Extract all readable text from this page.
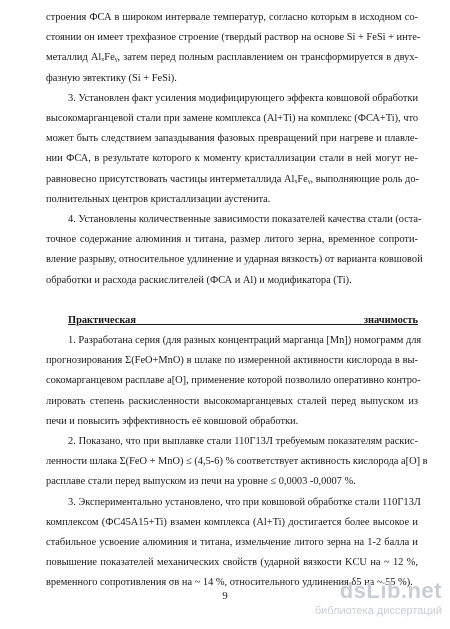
строения ФСА в широком интервале температур, согласно которым в исходном со-
стоянии он имеет трехфазное строение (твердый раствор на основе Si + FeSi + интe-
металлид AlₓFeᵧ, затем перед полным расплавлением он трансформируется в двух-
фазную эвтектику (Si + FeSi).
3. Установлен факт усиления модифицирующего эффекта ковшовой обработки
высокомарганцевой стали при замене комплекса (Al+Ti) на комплекс (ФСА+Ti), что
может быть следствием запаздывания фазовых превращений при нагреве и плавле-
нии ФСА, в результате которого к моменту кристаллизации стали в ней могут не-
равновесно присутствовать частицы интерметаллида AlₓFeᵧ, выполняющие роль до-
полнительных центров кристаллизации аустенита.
4. Установлены количественные зависимости показателей качества стали (остa-
точное содержание алюминия и титана, размер литого зерна, временное сопроти-
вление разрыву, относительное удлинение и ударная вязкость) от варианта ковшовой
обработки и расхода раскислителей (ФСА и Al) и модификатора (Ti).
Практическая значимость
1. Разработана серия (для разных концентраций марганца [Mn]) номограмм для
прогнозирования Σ(FeO+MnO) в шлаке по измеренной активности кислорода в вы-
сокомарганцевом расплаве a[O], применение которой позволило оперативно контро-
лировать степень раскисленности высокомарганцевых сталей перед выпуском из
печи и повысить эффективность её ковшовой обработки.
2. Показано, что при выплавке стали 110Г13Л требуемым показателям раскис-
ленности шлака Σ(FeO + MnO) ≤ (4,5-6) % соответствует активность кислорода a[O] в
расплаве стали перед выпуском из печи на уровне ≤ 0,0003 -0,0007 %.
3. Экспериментально установлено, что при ковшовой обработке стали 110Г13Л
комплексом (ФС45А15+Ti) взамен комплекса (Al+Ti) достигается более высокое и
стабильное усвоение алюминия и титана, измельчение литого зерна на 1-2 балла и
повышение показателей механических свойств (ударной вязкости KCU на ~ 12 %,
временного сопротивления σв на ~ 14 %, относительного удлинения δ5 на ~ 55 %).
9	dsLib.net
библиотека диссертаций
